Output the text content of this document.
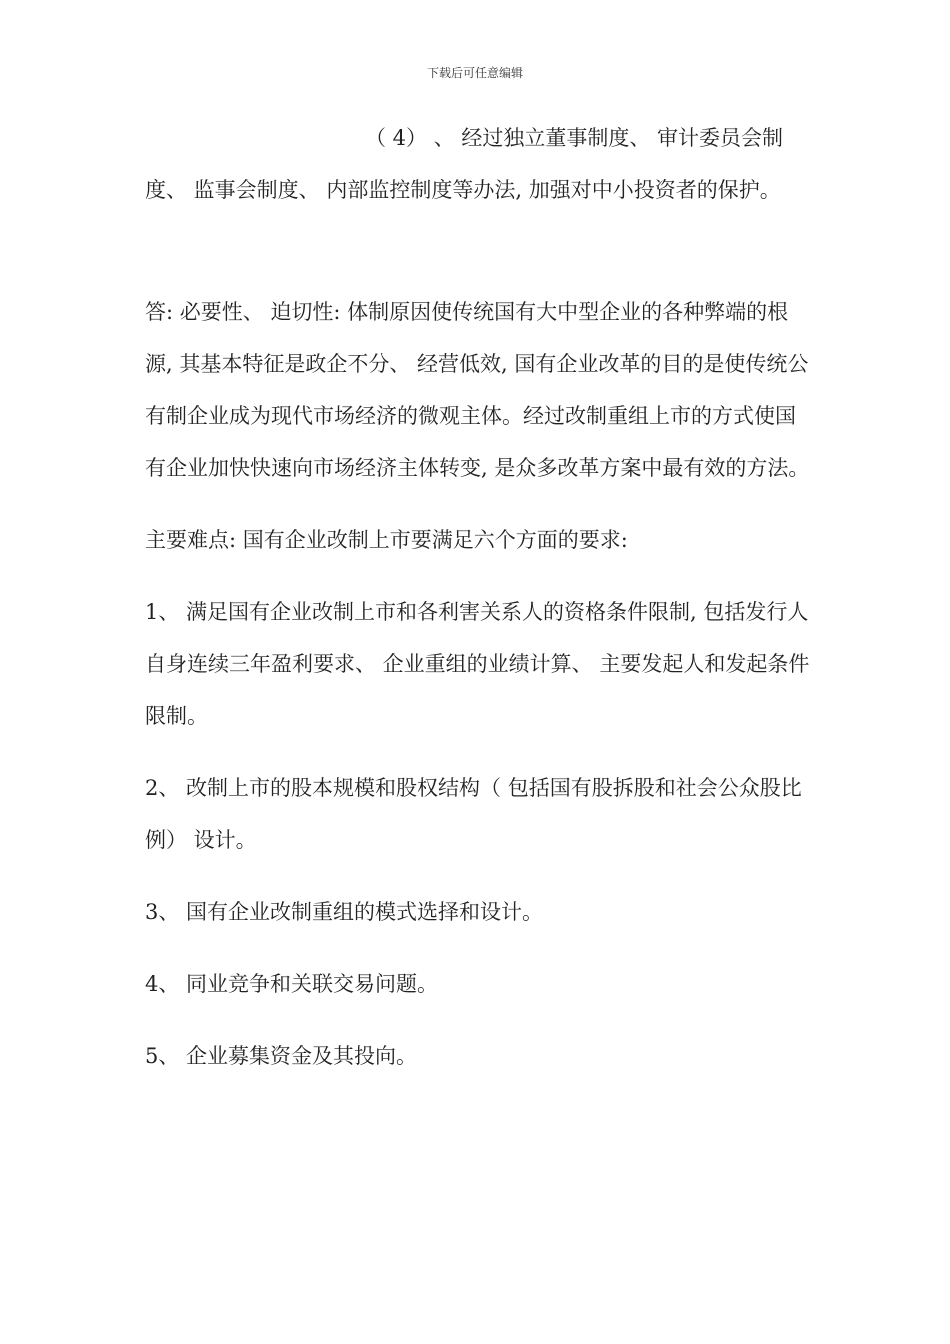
下载后可任意编辑

（ 4） 、 经过独立董事制度、 审计委员会制度、 监事会制度、 内部监控制度等办法, 加强对中小投资者的保护。

答: 必要性、 迫切性: 体制原因使传统国有大中型企业的各种弊端的根源, 其基本特征是政企不分、 经营低效, 国有企业改革的目的是使传统公有制企业成为现代市场经济的微观主体。经过改制重组上市的方式使国有企业加快快速向市场经济主体转变, 是众多改革方案中最有效的方法。

主要难点: 国有企业改制上市要满足六个方面的要求:

1、 满足国有企业改制上市和各利害关系人的资格条件限制, 包括发行人自身连续三年盈利要求、 企业重组的业绩计算、 主要发起人和发起条件限制。

2、 改制上市的股本规模和股权结构（ 包括国有股拆股和社会公众股比例） 设计。

3、 国有企业改制重组的模式选择和设计。

4、 同业竞争和关联交易问题。

5、 企业募集资金及其投向。
